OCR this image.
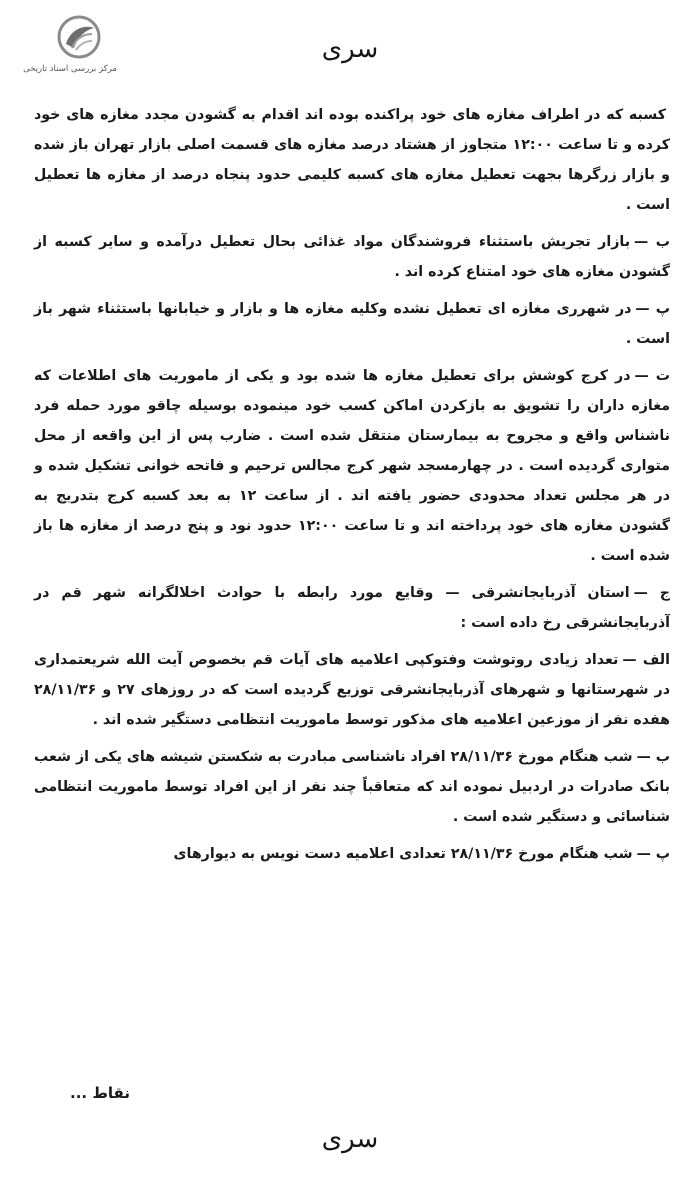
مرکز بررسی اسناد تاریخی
سری

کسبه که در اطراف مغازه های خود پراکنده بوده اند اقدام به گشودن مجدد مغازه های خود کرده و تا ساعت ۱۲:۰۰ متجاوز از هشتاد درصد مغازه های قسمت اصلی بازار تهران باز شده و بازار زرگرها بجهت تعطیل مغازه های کسبه کلیمی حدود پنجاه درصد از مغازه ها تعطیل است .

ب —بازار تجریش باستثناء فروشندگان مواد غذائی بحال تعطیل درآمده و سایر کسبه از گشودن مغازه های خود امتناع کرده اند .

پ —در شهرری مغازه ای تعطیل نشده وکلیه مغازه ها و بازار و خیابانها باستثناء شهر باز است .

ت —در کرج کوشش برای تعطیل مغازه ها شده بود و یکی از ماموریت های اطلاعات که مغازه داران را تشویق به بازکردن اماکن کسب خود مینموده بوسیله چاقو مورد حمله فرد ناشناس واقع و مجروح به بیمارستان منتقل شده است . ضارب پس از این واقعه از محل متواری گردیده است . در چهارمسجد شهر کرج مجالس ترحیم و فاتحه خوانی تشکیل شده و در هر مجلس تعداد محدودی حضور یافته اند . از ساعت ۱۲ به بعد کسبه کرج بتدریج به گشودن مغازه های خود پرداخته اند و تا ساعت ۱۲:۰۰ حدود نود و پنج درصد از مغازه ها باز شده است .

ج —استان آذربایجانشرقی — وقایع مورد رابطه با حوادث اخلالگرانه شهر قم در آذربایجانشرقی رخ داده است :

الف —تعداد زیادی روتوشت وفتوکپی اعلامیه های آیات قم بخصوص آیت الله شریعتمداری در شهرستانها و شهرهای آذربایجانشرقی توزیع گردیده است که در روزهای ۲۷ و ۲۸/۱۱/۳۶ هفده نفر از موزعین اعلامیه های مذکور توسط ماموریت انتظامی دستگیر شده اند .

ب —شب هنگام مورخ ۲۸/۱۱/۳۶ افراد ناشناسی مبادرت به شکستن شیشه های یکی از شعب بانک صادرات در اردبیل نموده اند که متعاقباً چند نفر از این افراد توسط ماموریت انتظامی شناسائی و دستگیر شده است .

پ —شب هنگام مورخ ۲۸/۱۱/۳۶ تعدادی اعلامیه دست نویس به دیوارهای

نقاط ...
سری
